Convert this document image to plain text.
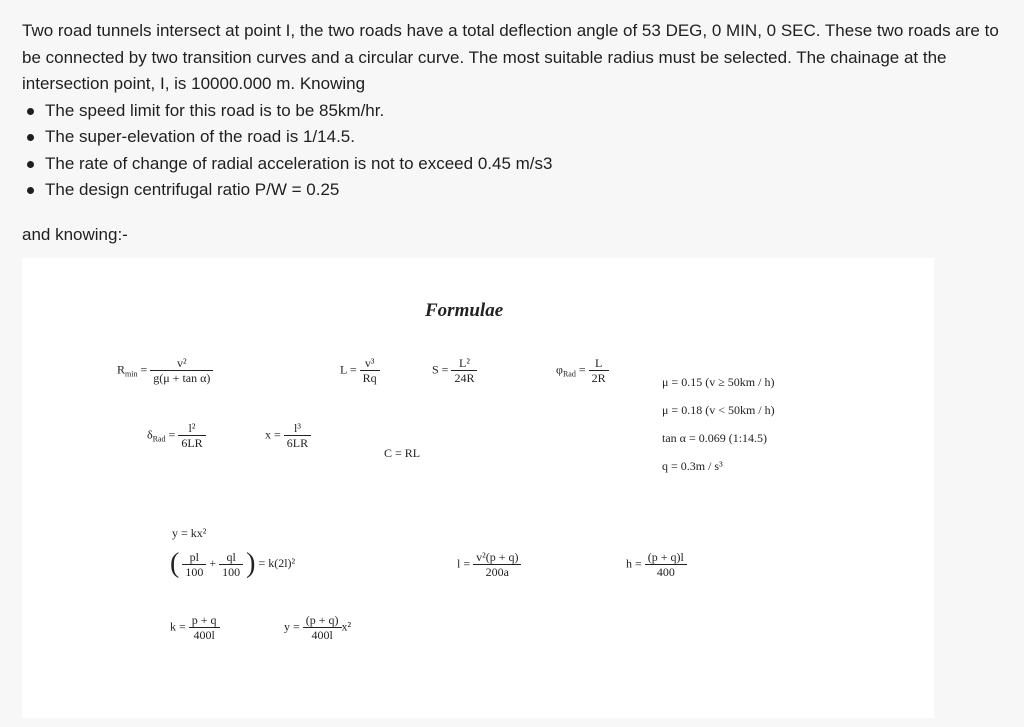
Two road tunnels intersect at point I, the two roads have a total deflection angle of 53 DEG, 0 MIN, 0 SEC. These two roads are to be connected by two transition curves and a circular curve. The most suitable radius must be selected. The chainage at the intersection point, I, is 10000.000 m. Knowing

The speed limit for this road is to be 85km/hr.
The super-elevation of the road is 1/14.5.
The rate of change of radial acceleration is not to exceed 0.45 m/s3
The design centrifugal ratio P/W = 0.25
and knowing:-
Formulae
$R_{min} = \frac{\text{v²}}{\text{g(μ + tan α)}}$	$L = \frac{\text{v³}}{Rq}$	$S = \frac{\text{L²}}{24R}$	$\varphi_{Rad} = \frac{L}{2R}$	μ = 0.15 (v ≥ 50km / h)
μ = 0.18 (v < 50km / h)
tan α = 0.069 (1:14.5)
q = 0.3m / s³
$\delta_{Rad} = \frac{\text{l²}}{6LR}$	$x = \frac{\text{l³}}{6LR}$
C = RL
y = kx²
( $\frac{pl}{100} + \frac{ql}{100}$ ) = k(2l)²
$k = \frac{p + q}{400l}$	$y = \frac{(p + q)}{400l} x^2$
$l = \frac{\text{v²(p + q)}}{200a}$	$h = \frac{(p + q)l}{400}$
